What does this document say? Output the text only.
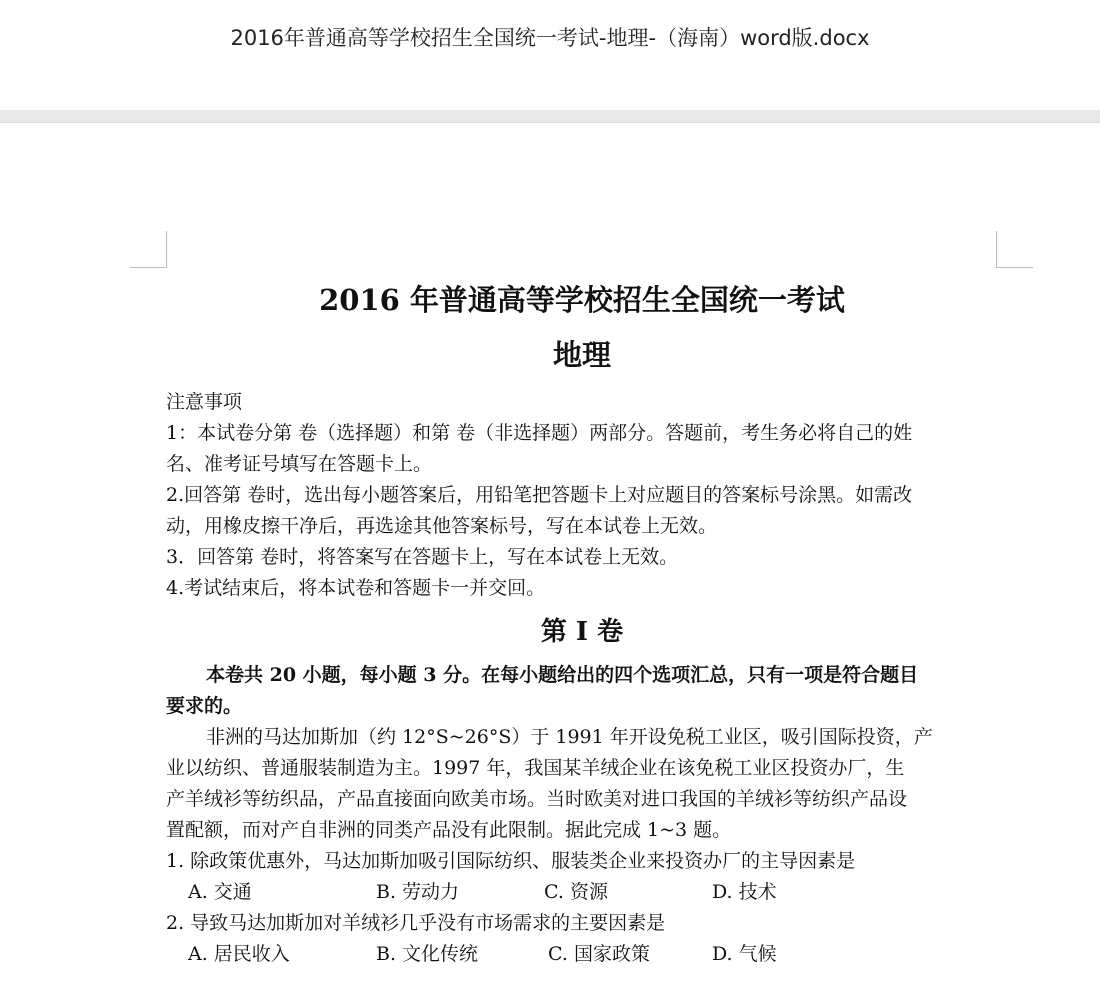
2016年普通高等学校招生全国统一考试-地理-（海南）word版.docx
2016 年普通高等学校招生全国统一考试
地理
注意事项
1：本试卷分第 卷（选择题）和第 卷（非选择题）两部分。答题前，考生务必将自己的姓
名、准考证号填写在答题卡上。
2.回答第 卷时，选出每小题答案后，用铅笔把答题卡上对应题目的答案标号涂黑。如需改
动，用橡皮擦干净后，再选途其他答案标号，写在本试卷上无效。
3．回答第 卷时，将答案写在答题卡上，写在本试卷上无效。
4.考试结束后，将本试卷和答题卡一并交回。
第 I 卷
本卷共 20 小题，每小题 3 分。在每小题给出的四个选项汇总，只有一项是符合题目
要求的。
非洲的马达加斯加（约 12°S~26°S）于 1991 年开设免税工业区，吸引国际投资，产
业以纺织、普通服装制造为主。1997 年，我国某羊绒企业在该免税工业区投资办厂，生
产羊绒衫等纺织品，产品直接面向欧美市场。当时欧美对进口我国的羊绒衫等纺织产品设
置配额，而对产自非洲的同类产品没有此限制。据此完成 1~3 题。
1. 除政策优惠外，马达加斯加吸引国际纺织、服装类企业来投资办厂的主导因素是
A. 交通	B. 劳动力	C. 资源	D. 技术
2. 导致马达加斯加对羊绒衫几乎没有市场需求的主要因素是
A. 居民收入	B. 文化传统	C. 国家政策	D. 气候
